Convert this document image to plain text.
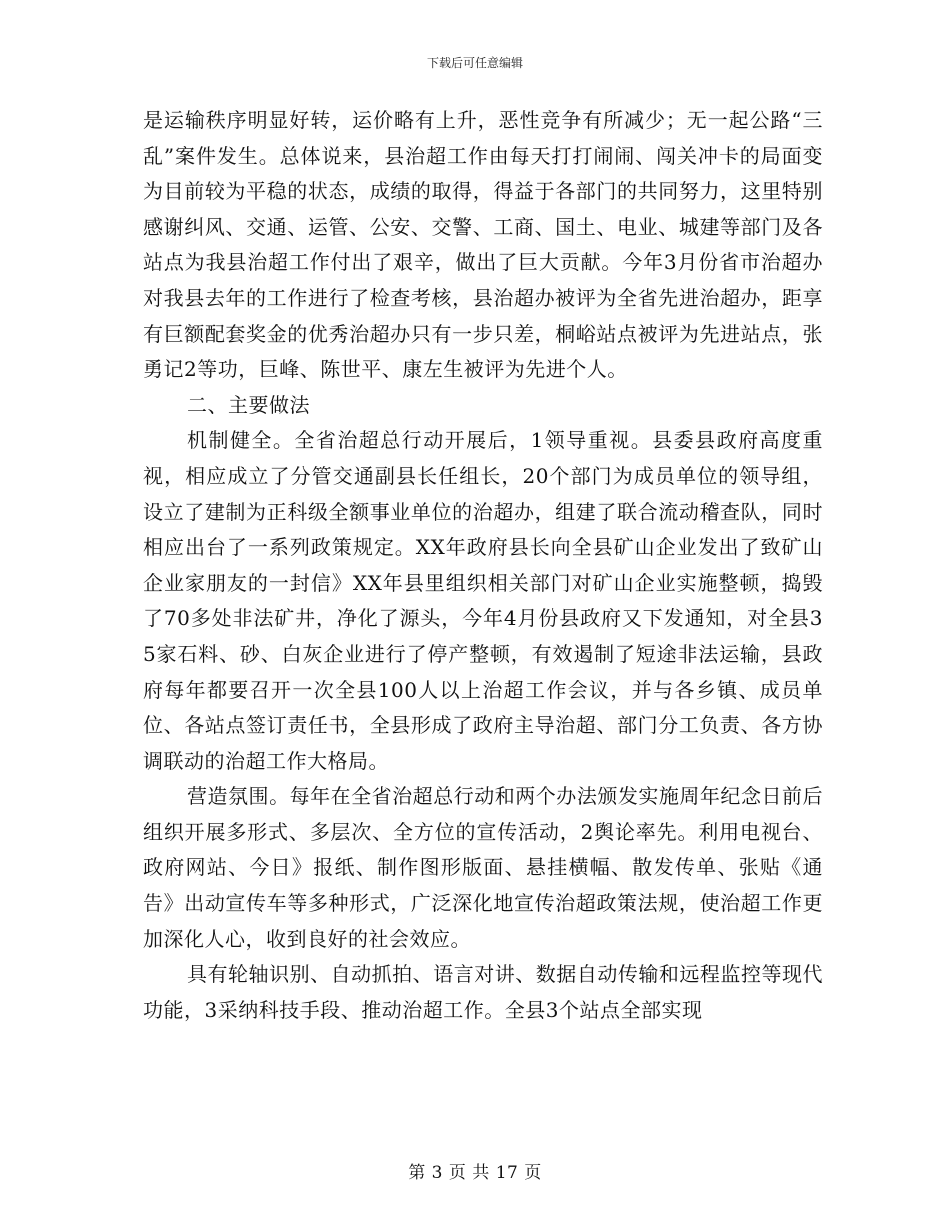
下载后可任意编辑

是运输秩序明显好转，运价略有上升，恶性竞争有所减少；无一起公路“三乱”案件发生。总体说来，县治超工作由每天打打闹闹、闯关冲卡的局面变为目前较为平稳的状态，成绩的取得，得益于各部门的共同努力，这里特别感谢纠风、交通、运管、公安、交警、工商、国土、电业、城建等部门及各站点为我县治超工作付出了艰辛，做出了巨大贡献。今年3月份省市治超办对我县去年的工作进行了检查考核，县治超办被评为全省先进治超办，距享有巨额配套奖金的优秀治超办只有一步只差，桐峪站点被评为先进站点，张勇记2等功，巨峰、陈世平、康左生被评为先进个人。

二、主要做法

机制健全。全省治超总行动开展后，1领导重视。县委县政府高度重视，相应成立了分管交通副县长任组长，20个部门为成员单位的领导组，设立了建制为正科级全额事业单位的治超办，组建了联合流动稽查队，同时相应出台了一系列政策规定。XX年政府县长向全县矿山企业发出了致矿山企业家朋友的一封信》XX年县里组织相关部门对矿山企业实施整顿，捣毁了70多处非法矿井，净化了源头，今年4月份县政府又下发通知，对全县35家石料、砂、白灰企业进行了停产整顿，有效遏制了短途非法运输，县政府每年都要召开一次全县100人以上治超工作会议，并与各乡镇、成员单位、各站点签订责任书，全县形成了政府主导治超、部门分工负责、各方协调联动的治超工作大格局。

营造氛围。每年在全省治超总行动和两个办法颁发实施周年纪念日前后组织开展多形式、多层次、全方位的宣传活动，2舆论率先。利用电视台、政府网站、今日》报纸、制作图形版面、悬挂横幅、散发传单、张贴《通告》出动宣传车等多种形式，广泛深化地宣传治超政策法规，使治超工作更加深化人心，收到良好的社会效应。

具有轮轴识别、自动抓拍、语言对讲、数据自动传输和远程监控等现代功能，3采纳科技手段、推动治超工作。全县3个站点全部实现

第 3 页 共 17 页
